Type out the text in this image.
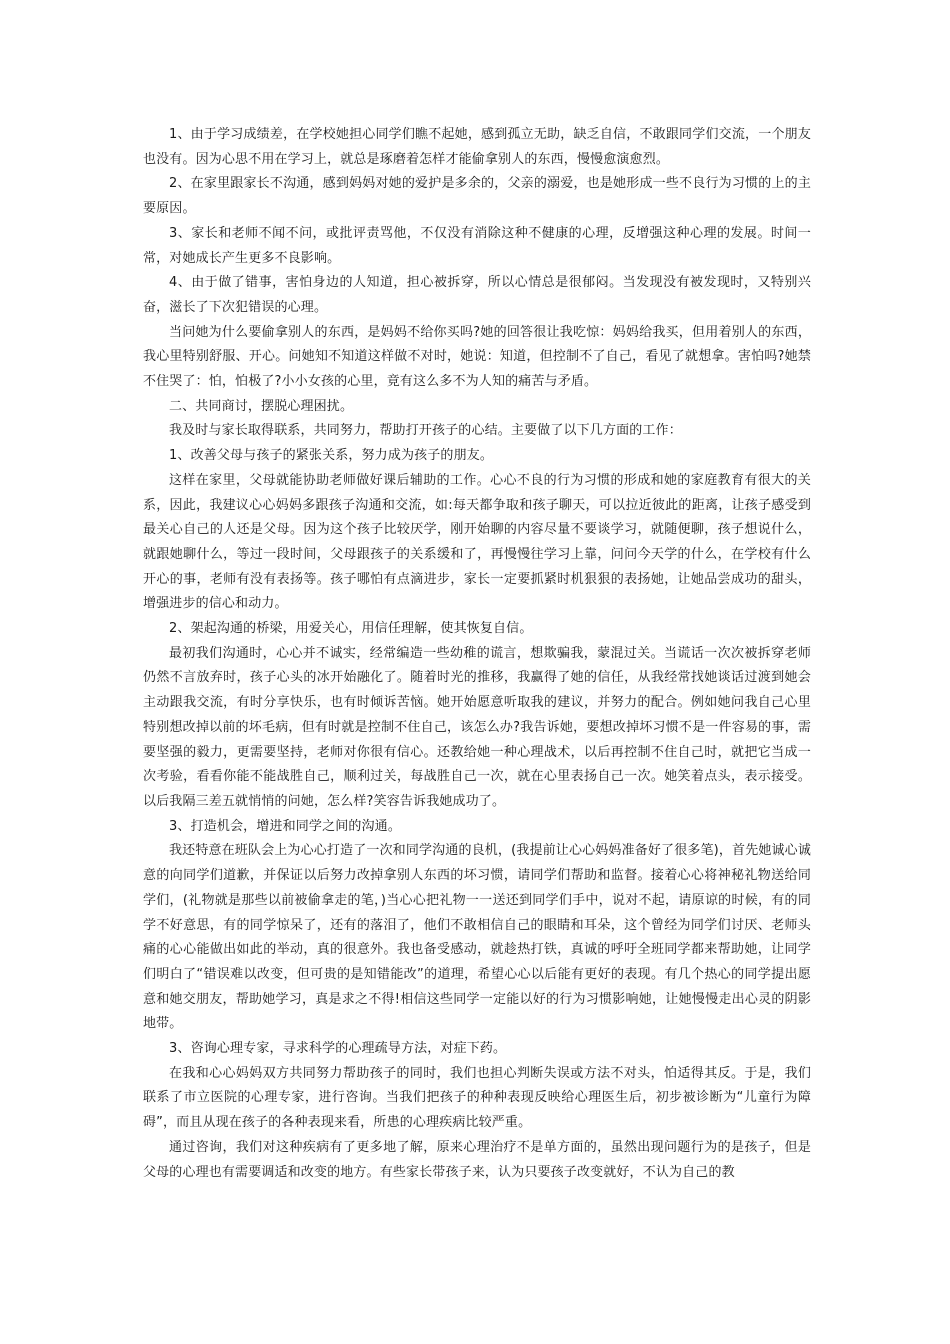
1、由于学习成绩差，在学校她担心同学们瞧不起她，感到孤立无助，缺乏自信，不敢跟同学们交流，一个朋友也没有。因为心思不用在学习上，就总是琢磨着怎样才能偷拿别人的东西，慢慢愈演愈烈。

2、在家里跟家长不沟通，感到妈妈对她的爱护是多余的，父亲的溺爱，也是她形成一些不良行为习惯的上的主要原因。

3、家长和老师不闻不问，或批评责骂他，不仅没有消除这种不健康的心理，反增强这种心理的发展。时间一常，对她成长产生更多不良影响。

4、由于做了错事，害怕身边的人知道，担心被拆穿，所以心情总是很郁闷。当发现没有被发现时，又特别兴奋，滋长了下次犯错误的心理。

当问她为什么要偷拿别人的东西，是妈妈不给你买吗?她的回答很让我吃惊：妈妈给我买，但用着别人的东西，我心里特别舒服、开心。问她知不知道这样做不对时，她说：知道，但控制不了自己，看见了就想拿。害怕吗?她禁不住哭了：怕，怕极了?小小女孩的心里，竟有这么多不为人知的痛苦与矛盾。

二、共同商讨，摆脱心理困扰。

我及时与家长取得联系，共同努力，帮助打开孩子的心结。主要做了以下几方面的工作：

1、改善父母与孩子的紧张关系，努力成为孩子的朋友。

这样在家里，父母就能协助老师做好课后辅助的工作。心心不良的行为习惯的形成和她的家庭教育有很大的关系，因此，我建议心心妈妈多跟孩子沟通和交流，如:每天都争取和孩子聊天，可以拉近彼此的距离，让孩子感受到最关心自己的人还是父母。因为这个孩子比较厌学，刚开始聊的内容尽量不要谈学习，就随便聊，孩子想说什么，就跟她聊什么，等过一段时间，父母跟孩子的关系缓和了，再慢慢往学习上靠，问问今天学的什么，在学校有什么开心的事，老师有没有表扬等。孩子哪怕有点滴进步，家长一定要抓紧时机狠狠的表扬她，让她品尝成功的甜头，增强进步的信心和动力。

2、架起沟通的桥梁，用爱关心，用信任理解，使其恢复自信。

最初我们沟通时，心心并不诚实，经常编造一些幼稚的谎言，想欺骗我，蒙混过关。当谎话一次次被拆穿老师仍然不言放弃时，孩子心头的冰开始融化了。随着时光的推移，我赢得了她的信任，从我经常找她谈话过渡到她会主动跟我交流，有时分享快乐，也有时倾诉苦恼。她开始愿意听取我的建议，并努力的配合。例如她问我自己心里特别想改掉以前的坏毛病，但有时就是控制不住自己，该怎么办?我告诉她，要想改掉坏习惯不是一件容易的事，需要坚强的毅力，更需要坚持，老师对你很有信心。还教给她一种心理战术，以后再控制不住自己时，就把它当成一次考验，看看你能不能战胜自己，顺利过关，每战胜自己一次，就在心里表扬自己一次。她笑着点头，表示接受。以后我隔三差五就悄悄的问她，怎么样?笑容告诉我她成功了。

3、打造机会，增进和同学之间的沟通。

我还特意在班队会上为心心打造了一次和同学沟通的良机，(我提前让心心妈妈准备好了很多笔)，首先她诚心诚意的向同学们道歉，并保证以后努力改掉拿别人东西的坏习惯，请同学们帮助和监督。接着心心将神秘礼物送给同学们，(礼物就是那些以前被偷拿走的笔，)当心心把礼物一一送还到同学们手中，说对不起，请原谅的时候，有的同学不好意思，有的同学惊呆了，还有的落泪了，他们不敢相信自己的眼睛和耳朵，这个曾经为同学们讨厌、老师头痛的心心能做出如此的举动，真的很意外。我也备受感动，就趁热打铁，真诚的呼吁全班同学都来帮助她，让同学们明白了“错误难以改变，但可贵的是知错能改”的道理，希望心心以后能有更好的表现。有几个热心的同学提出愿意和她交朋友，帮助她学习，真是求之不得!相信这些同学一定能以好的行为习惯影响她，让她慢慢走出心灵的阴影地带。

3、咨询心理专家，寻求科学的心理疏导方法，对症下药。

在我和心心妈妈双方共同努力帮助孩子的同时，我们也担心判断失误或方法不对头，怕适得其反。于是，我们联系了市立医院的心理专家，进行咨询。当我们把孩子的种种表现反映给心理医生后，初步被诊断为“儿童行为障碍”，而且从现在孩子的各种表现来看，所患的心理疾病比较严重。

通过咨询，我们对这种疾病有了更多地了解，原来心理治疗不是单方面的，虽然出现问题行为的是孩子，但是父母的心理也有需要调适和改变的地方。有些家长带孩子来，认为只要孩子改变就好，不认为自己的教
